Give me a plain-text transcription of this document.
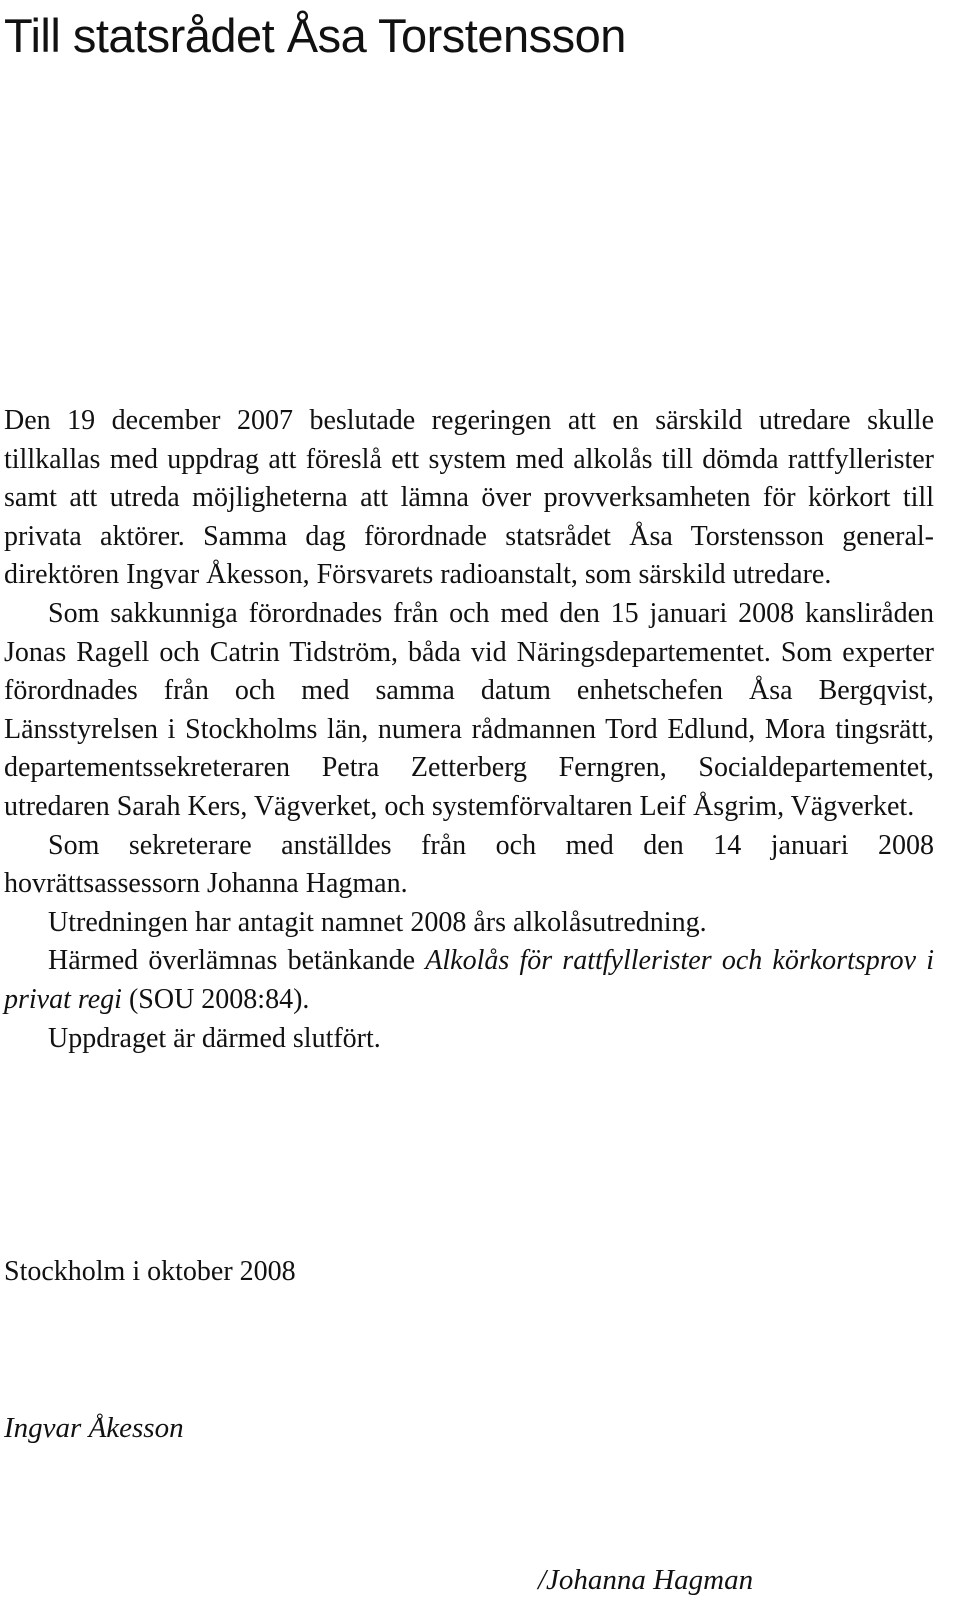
Till statsrådet Åsa Torstensson

Den 19 december 2007 beslutade regeringen att en särskild utredare skulle tillkallas med uppdrag att föreslå ett system med alkolås till dömda rattfyllerister samt att utreda möjligheterna att lämna över provverksamheten för körkort till privata aktörer. Samma dag förordnade statsrådet Åsa Torstensson generaldirektören Ingvar Åkesson, Försvarets radioanstalt, som särskild utredare.

Som sakkunniga förordnades från och med den 15 januari 2008 kansliråden Jonas Ragell och Catrin Tidström, båda vid Näringsdepartementet. Som experter förordnades från och med samma datum enhetschefen Åsa Bergqvist, Länsstyrelsen i Stockholms län, numera rådmannen Tord Edlund, Mora tingsrätt, departementssekreteraren Petra Zetterberg Ferngren, Socialdepartementet, utredaren Sarah Kers, Vägverket, och systemförvaltaren Leif Åsgrim, Vägverket.

Som sekreterare anställdes från och med den 14 januari 2008 hovrättsassessorn Johanna Hagman.

Utredningen har antagit namnet 2008 års alkolåsutredning.

Härmed överlämnas betänkande Alkolås för rattfyllerister och körkortsprov i privat regi (SOU 2008:84).

Uppdraget är därmed slutfört.

Stockholm i oktober 2008
Ingvar Åkesson
/Johanna Hagman
